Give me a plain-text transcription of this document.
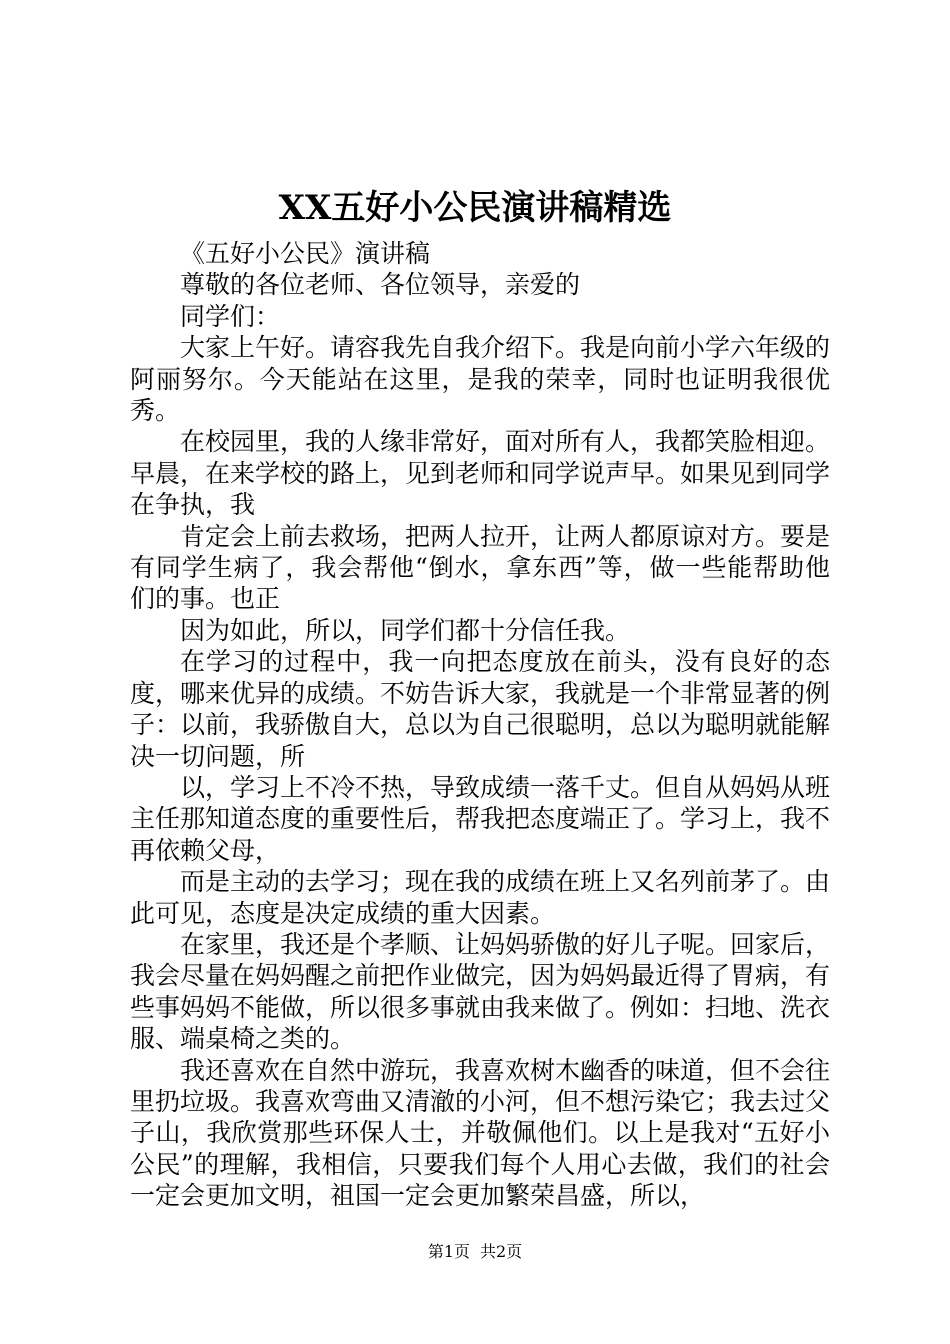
XX五好小公民演讲稿精选

《五好小公民》演讲稿

尊敬的各位老师、各位领导，亲爱的

同学们：

大家上午好。请容我先自我介绍下。我是向前小学六年级的阿丽努尔。今天能站在这里，是我的荣幸，同时也证明我很优秀。

在校园里，我的人缘非常好，面对所有人，我都笑脸相迎。早晨，在来学校的路上，见到老师和同学说声早。如果见到同学在争执，我

肯定会上前去救场，把两人拉开，让两人都原谅对方。要是有同学生病了，我会帮他“倒水，拿东西”等，做一些能帮助他们的事。也正

因为如此，所以，同学们都十分信任我。

在学习的过程中，我一向把态度放在前头，没有良好的态度，哪来优异的成绩。不妨告诉大家，我就是一个非常显著的例子：以前，我骄傲自大，总以为自己很聪明，总以为聪明就能解决一切问题，所

以，学习上不冷不热，导致成绩一落千丈。但自从妈妈从班主任那知道态度的重要性后，帮我把态度端正了。学习上，我不再依赖父母，

而是主动的去学习；现在我的成绩在班上又名列前茅了。由此可见，态度是决定成绩的重大因素。

在家里，我还是个孝顺、让妈妈骄傲的好儿子呢。回家后，我会尽量在妈妈醒之前把作业做完，因为妈妈最近得了胃病，有些事妈妈不能做，所以很多事就由我来做了。例如：扫地、洗衣服、端桌椅之类的。

我还喜欢在自然中游玩，我喜欢树木幽香的味道，但不会往里扔垃圾。我喜欢弯曲又清澈的小河，但不想污染它；我去过父子山，我欣赏那些环保人士，并敬佩他们。以上是我对“五好小公民”的理解，我相信，只要我们每个人用心去做，我们的社会一定会更加文明，祖国一定会更加繁荣昌盛，所以，

第1页 共2页
